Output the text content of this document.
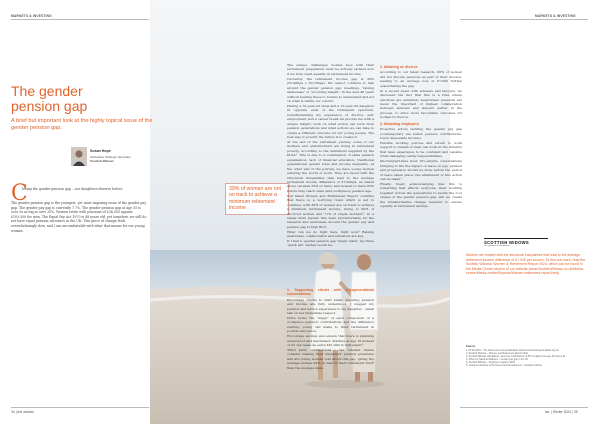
MARKETS & INVESTING	MARKETS & INVESTING
The gender
pension gap

A brief but important look at the highly topical issue of the gender pension gap.

Susan Hope
Workplace Strategic Specialist
Scottish Widows
C

losing the gender pension gap – our daughters deserve better.

The gender pension gap is the youngest, yet most imposing issue of the gender pay gap. The gender pay gap is currently 7.7%. The gender pension gap at age 55 is over 3x as big at over 35%. Women retire with pensions of £34,000 against £103,500 for men. The Equal Pay Act 1970 is 48 years old, yet somehow, we still do not have equal pension outcomes in the UK. This piece of change feels overwhelmingly slow, and I am uncomfortable with what that means for our young women.

39% of women are not on track to achieve a minimum retirement income

The unique challenges women face with their retirement preparation must be actively tackled now if we truly want equality in retirement income.

Currently, the retirement income gap is 39% (£5,900pa v £9,700pa). We cannot continue to talk around the gender pension gap: meetings, ‘raising awareness’ or ‘providing insight’. In the next 48 years without leading these to forums to understand and act on what is within our control.

Having a 70-year-old mum and a 15-year-old daughter at opposite ends of the retirement spectrum, notwithstanding my experience of divorce, self-employment and a career break all provide me with a unique insight, both on what action can form from pension generations and what actions we can take to create a different outcome for our young people. The best way to predict the future is to create it.

At the end of the retirement journey, some of our mothers and grandmothers are living in retirement poverty, according to the definitions supplied by the PLSA¹. This is due to a combination of state pension equalisation, lack of financial education, traditional generational gender roles and income inequality. At the other end of the journey, we have young women entering the world of work. They are faced with the structural inequalities that lead to the average retirement income difference of £7,000pa, as stated above (women 59% of men), and women to mere 65% before they reach state (and workplace) pension age.

Our latest Women and Retirement Report confirms that there is a worrying trend which is set to continue, with 39% of women are on track to achieve a minimum retirement income, rising to 60% of divorced women and 71% of single mothers². In a single mum myself, this feels uncomfortable for the research and awareness around the gender pay and pension gap is high BUT.

What can we do right here, right now? Raising awareness, collaboration and education are key.

If I had a ‘gender pension gap’ magic wand, my three ‘quick win’ wishes would be:

1. Supporting clients with intergenerational conversations

Encourage clients to start small, ensuring pension and income are fully understood. I suggest my pension and advice experience to my daughter – small talk on her immediate respect.

Drive home the ‘magic’ of each component of a workplace pension: contributions and the difference starting young can make to their retirement in pounds and pence.

Encourage savings and ensure that there is planning understood and maximised. Starting at age 18 instead of 22 can mean an extra £81,000 in retirement³.

Third party contributions – can relevant clients consider making their daughters’ pension premiums and are young women told about this gap, giving the average woman 64% on men in their retirement fund⁴ than the average male.

2. Attaining on divorce

According to our latest research, 60% of women did not discuss pensions as part of their divorce, leading to an average loss of £7,000 further exacerbating the gap.

In a recent event with advisers and lawyers, we discussed the fact that this is a time where emotions are extremely heightened, pensions are never the important of highest collaboration between advisers and lawyers earlier in the process, to drive more favourable outcomes for women in divorce.

3. Attracting employers

Proactive actors tackling the gender pay gap (contemporary are better pension contributions, lower disposable income).

Flexible working policies and return to work support to remain women can work in the industry that have experience to be confident and capable while managing caring responsibilities.

Shorter/part-time hour. Pro-empire conversations bringing to life the impact of leave on pay, pension and progression should be done before the period of leave taken place; the attainment of this action can be taken⁵.

Finally, freely acknowledging that this is something that affects everyone, their working together across the generations to tackle the root causes of the gender pension gap, will we create the transformative change required to ensure equality in retirement savings.

SCOTTISH WIDOWS
Life, pensions & investments

Women are hosted with the structural inequalities that lead to the average retirement income difference of £7,000 per annum. To find out more, read the Scottish Widows’ Women & Retirement Report 2024, which can be found in the Media Centre section of our website (www.ScottishWidows.co.uk/Media-centre/Media-centre/Reports/Women-retirement-report.html)

Sources
1. PLSA 2024 – The Retirement Living Standards www.retirementlivingstandards.org.uk
2. Scottish Widows – Women and Retirement Report 2024
3. Scottish Widows calculations, assumes contributions of 8% of salary from age 18 versus 22
4. Office for National Statistics – Gender pay gap in the UK
5. Scottish Widows – Employer research 2024
6. Chartered Institute of Personnel and Development – Flexible working
34 | the adviser	iss. | Winter 2024 | 35
